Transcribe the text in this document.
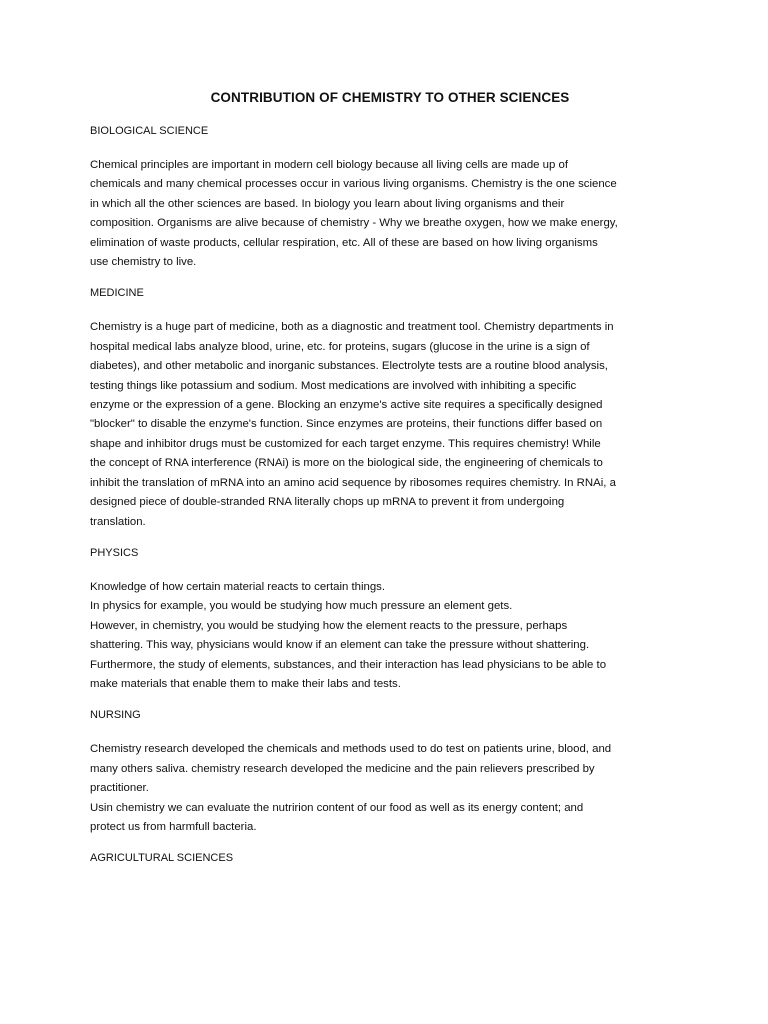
CONTRIBUTION OF CHEMISTRY TO OTHER SCIENCES
BIOLOGICAL SCIENCE

Chemical principles are important in modern cell biology because all living cells are made up of
chemicals and many chemical processes occur in various living organisms. Chemistry is the one science
in which all the other sciences are based. In biology you learn about living organisms and their
composition. Organisms are alive because of chemistry - Why we breathe oxygen, how we make energy,
elimination of waste products, cellular respiration, etc. All of these are based on how living organisms
use chemistry to live.

MEDICINE

Chemistry is a huge part of medicine, both as a diagnostic and treatment tool. Chemistry departments in
hospital medical labs analyze blood, urine, etc. for proteins, sugars (glucose in the urine is a sign of
diabetes), and other metabolic and inorganic substances. Electrolyte tests are a routine blood analysis,
testing things like potassium and sodium. Most medications are involved with inhibiting a specific
enzyme or the expression of a gene. Blocking an enzyme's active site requires a specifically designed
"blocker" to disable the enzyme's function. Since enzymes are proteins, their functions differ based on
shape and inhibitor drugs must be customized for each target enzyme. This requires chemistry! While
the concept of RNA interference (RNAi) is more on the biological side, the engineering of chemicals to
inhibit the translation of mRNA into an amino acid sequence by ribosomes requires chemistry. In RNAi, a
designed piece of double-stranded RNA literally chops up mRNA to prevent it from undergoing
translation.

PHYSICS

Knowledge of how certain material reacts to certain things.
In physics for example, you would be studying how much pressure an element gets.
However, in chemistry, you would be studying how the element reacts to the pressure, perhaps
shattering. This way, physicians would know if an element can take the pressure without shattering.
Furthermore, the study of elements, substances, and their interaction has lead physicians to be able to
make materials that enable them to make their labs and tests.

NURSING

Chemistry research developed the chemicals and methods used to do test on patients urine, blood, and
many others saliva. chemistry research developed the medicine and the pain relievers prescribed by
practitioner.
Usin chemistry we can evaluate the nutririon content of our food as well as its energy content; and
protect us from harmfull bacteria.

AGRICULTURAL SCIENCES
